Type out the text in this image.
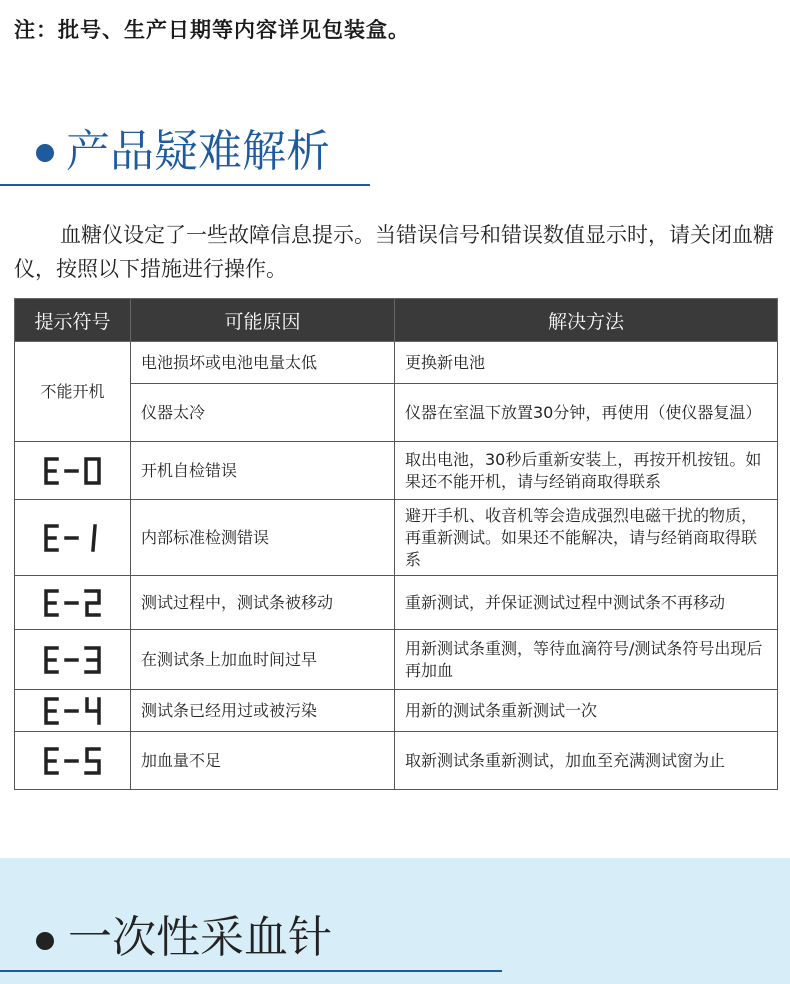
注：批号、生产日期等内容详见包装盒。
产品疑难解析
血糖仪设定了一些故障信息提示。当错误信号和错误数值显示时，请关闭血糖仪，按照以下措施进行操作。
提示符号	可能原因	解决方法
不能开机	电池损坏或电池电量太低	更换新电池
	仪器太冷	仪器在室温下放置30分钟，再使用（使仪器复温）

	开机自检错误	取出电池，30秒后重新安装上，再按开机按钮。如果还不能开机，请与经销商取得联系

	内部标准检测错误	避开手机、收音机等会造成强烈电磁干扰的物质，再重新测试。如果还不能解决，请与经销商取得联系

	测试过程中，测试条被移动	重新测试，并保证测试过程中测试条不再移动

	在测试条上加血时间过早	用新测试条重测，等待血滴符号/测试条符号出现后再加血

	测试条已经用过或被污染	用新的测试条重新测试一次

	加血量不足	取新测试条重新测试，加血至充满测试窗为止
一次性采血针
